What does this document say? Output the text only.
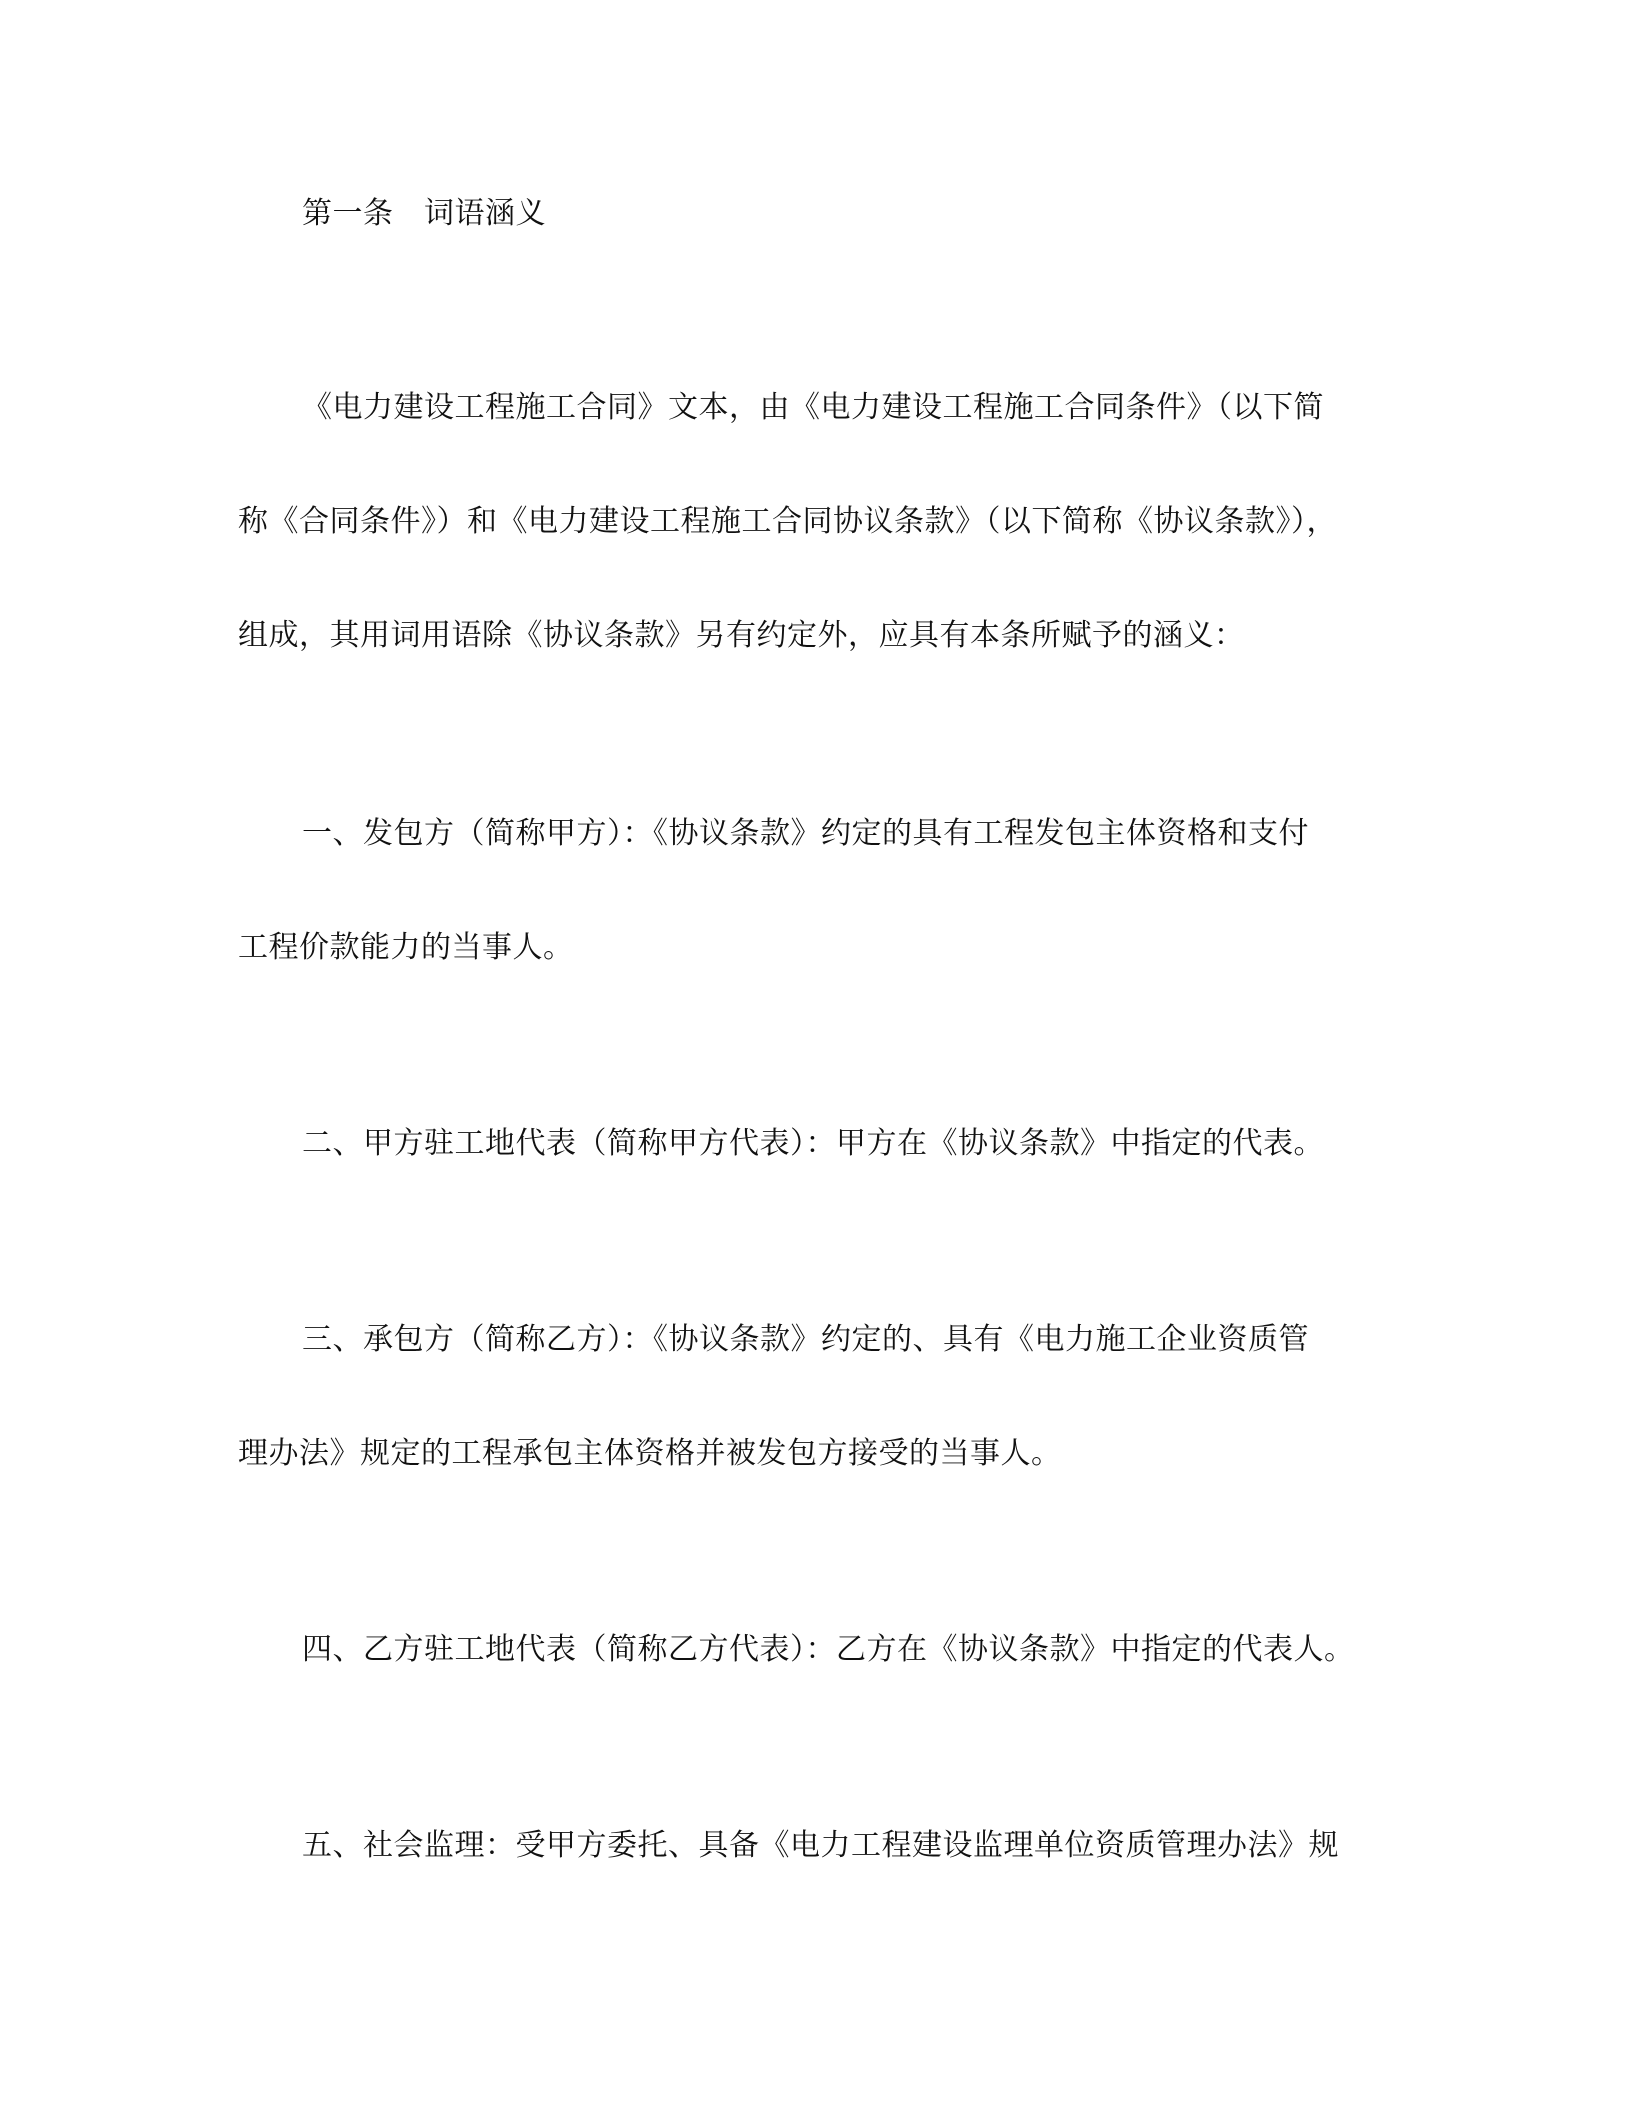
第一条　词语涵义
《电力建设工程施工合同》文本，由《电力建设工程施工合同条件》（以下简
称《合同条件》）和《电力建设工程施工合同协议条款》（以下简称《协议条款》），
组成，其用词用语除《协议条款》另有约定外，应具有本条所赋予的涵义：
一、发包方（简称甲方）：《协议条款》约定的具有工程发包主体资格和支付
工程价款能力的当事人。
二、甲方驻工地代表（简称甲方代表）：甲方在《协议条款》中指定的代表。
三、承包方（简称乙方）：《协议条款》约定的、具有《电力施工企业资质管
理办法》规定的工程承包主体资格并被发包方接受的当事人。
四、乙方驻工地代表（简称乙方代表）：乙方在《协议条款》中指定的代表人。
五、社会监理：受甲方委托、具备《电力工程建设监理单位资质管理办法》规
